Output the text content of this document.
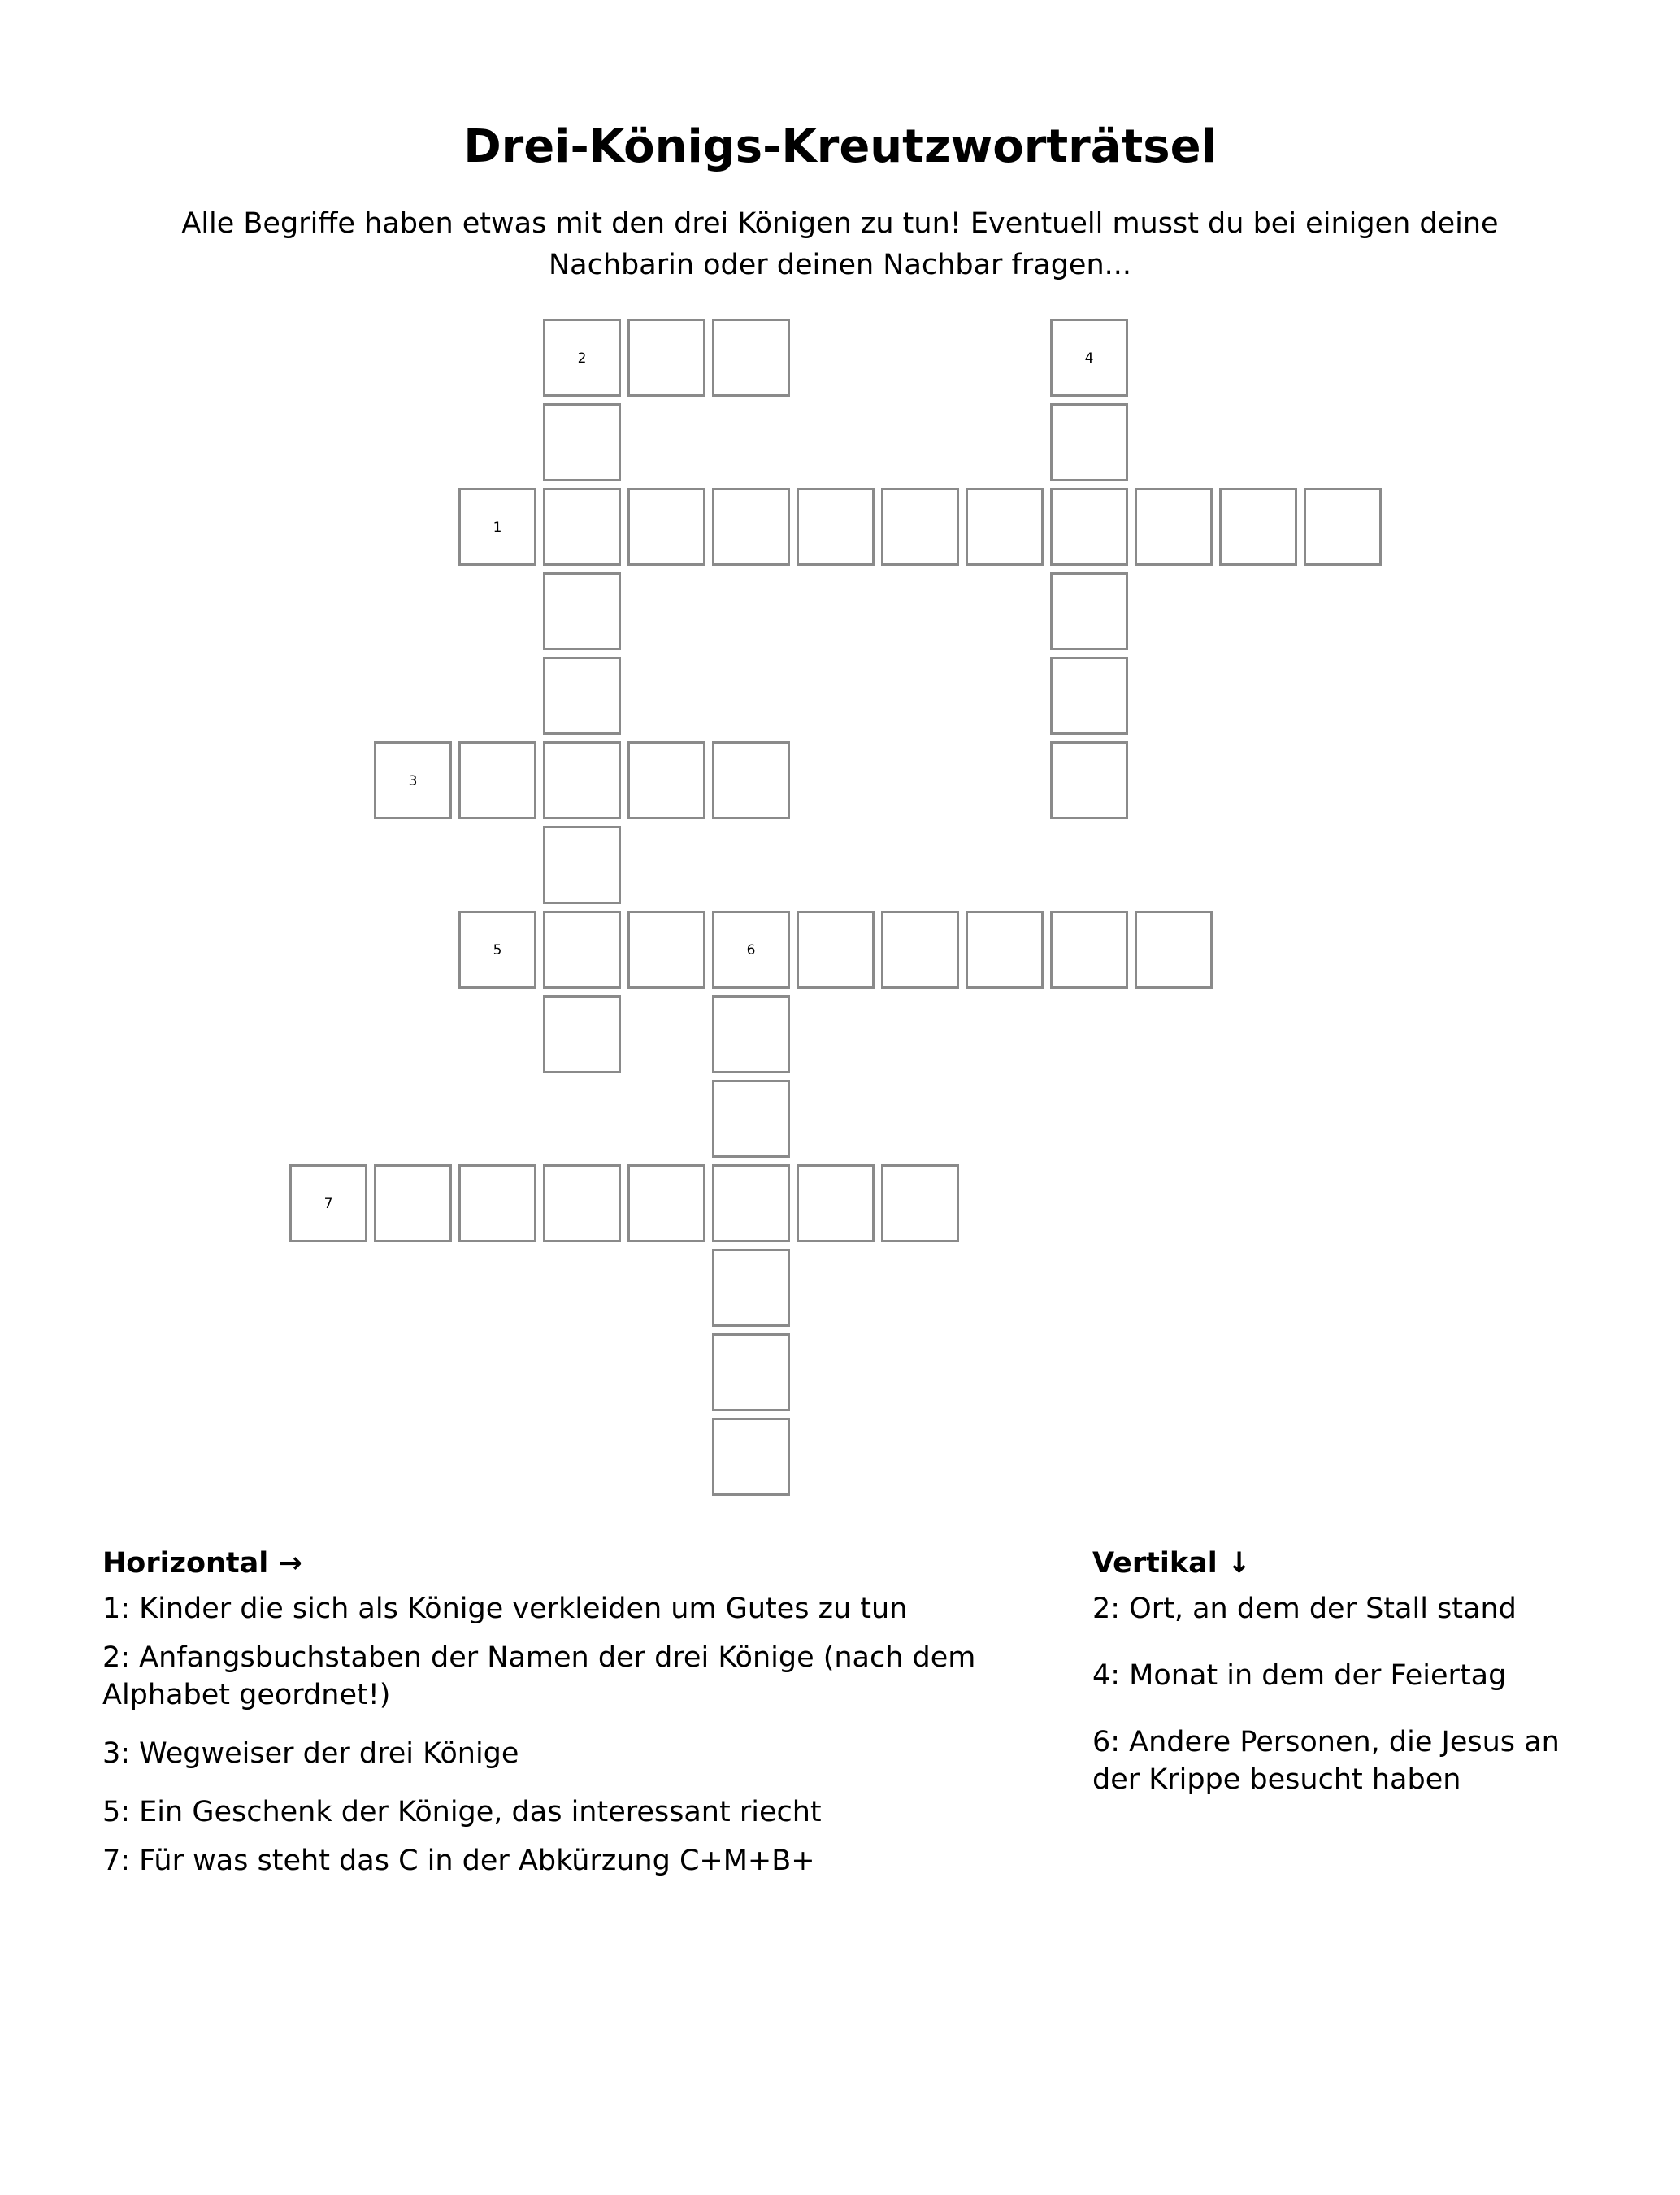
Drei-Königs-Kreutzworträtsel
Alle Begriffe haben etwas mit den drei Königen zu tun! Eventuell musst du bei einigen deine Nachbarin oder deinen Nachbar fragen...
1
2
3
4
5	6
7
Horizontal →
1: Kinder die sich als Könige verkleiden um Gutes zu tun
2: Anfangsbuchstaben der Namen der drei Könige (nach dem Alphabet geordnet!)
3: Wegweiser der drei Könige
5: Ein Geschenk der Könige, das interessant riecht
7: Für was steht das C in der Abkürzung C+M+B+
Vertikal ↓
2: Ort, an dem der Stall stand
4: Monat in dem der Feiertag
6: Andere Personen, die Jesus an der Krippe besucht haben
